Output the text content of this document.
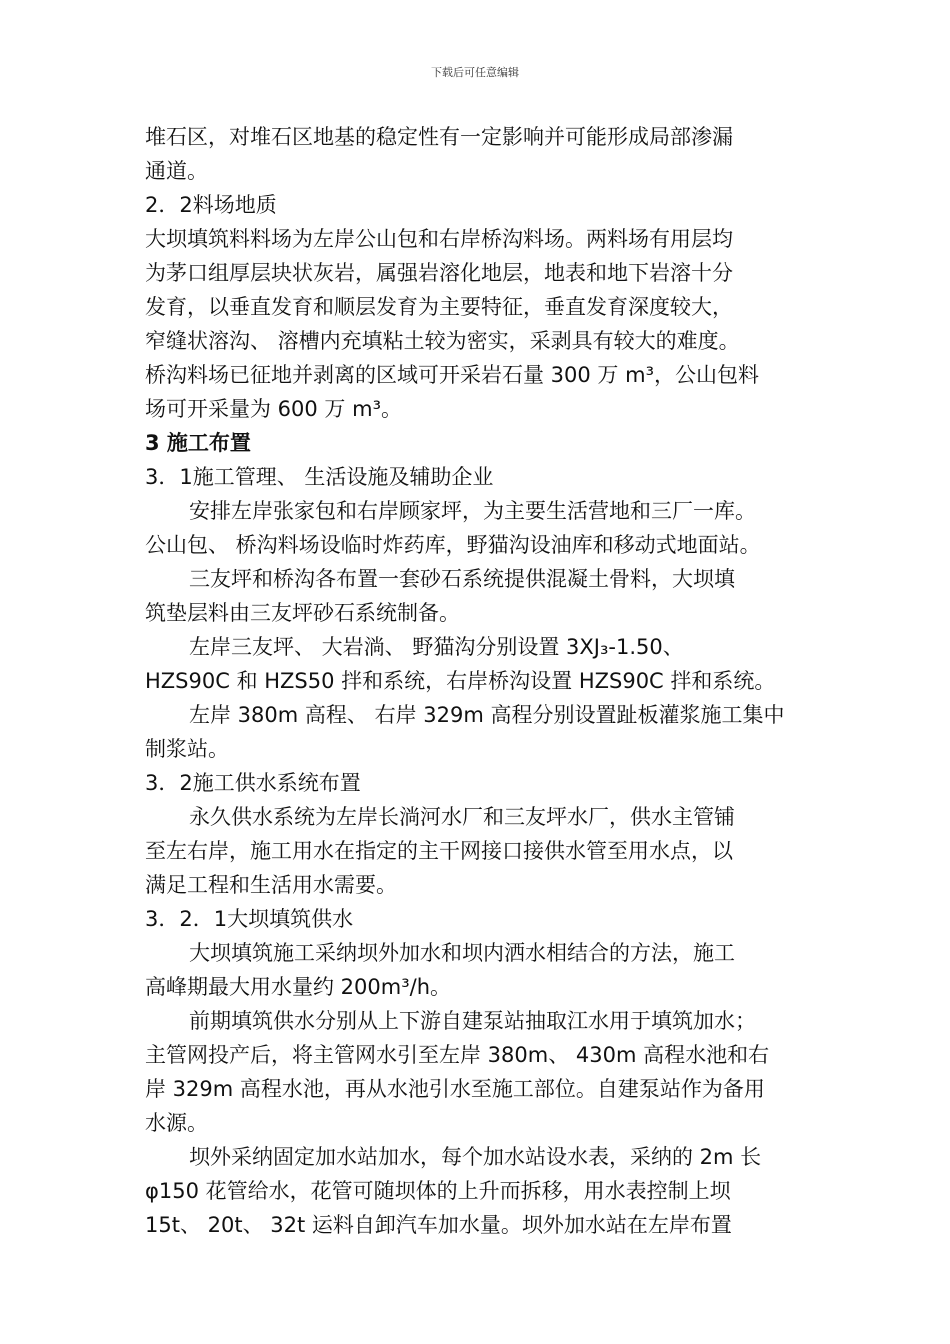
下载后可任意编辑

堆石区，对堆石区地基的稳定性有一定影响并可能形成局部渗漏

通道。

2．2料场地质

大坝填筑料料场为左岸公山包和右岸桥沟料场。两料场有用层均

为茅口组厚层块状灰岩，属强岩溶化地层，地表和地下岩溶十分

发育，以垂直发育和顺层发育为主要特征，垂直发育深度较大，

窄缝状溶沟、 溶槽内充填粘土较为密实，采剥具有较大的难度。

桥沟料场已征地并剥离的区域可开采岩石量 300 万 m³，公山包料

场可开采量为 600 万 m³。

3 施工布置

3．1施工管理、 生活设施及辅助企业

安排左岸张家包和右岸顾家坪，为主要生活营地和三厂一库。

公山包、 桥沟料场设临时炸药库，野猫沟设油库和移动式地面站。

三友坪和桥沟各布置一套砂石系统提供混凝土骨料，大坝填

筑垫层料由三友坪砂石系统制备。

左岸三友坪、 大岩淌、 野猫沟分别设置 3XJ₃-1.50、

HZS90C 和 HZS50 拌和系统，右岸桥沟设置 HZS90C 拌和系统。

左岸 380m 高程、 右岸 329m 高程分别设置趾板灌浆施工集中

制浆站。

3．2施工供水系统布置

永久供水系统为左岸长淌河水厂和三友坪水厂，供水主管铺

至左右岸，施工用水在指定的主干网接口接供水管至用水点，以

满足工程和生活用水需要。

3．2．1大坝填筑供水

大坝填筑施工采纳坝外加水和坝内洒水相结合的方法，施工

高峰期最大用水量约 200m³/h。

前期填筑供水分别从上下游自建泵站抽取江水用于填筑加水；

主管网投产后，将主管网水引至左岸 380m、 430m 高程水池和右

岸 329m 高程水池，再从水池引水至施工部位。自建泵站作为备用

水源。

坝外采纳固定加水站加水，每个加水站设水表，采纳的 2m 长

φ150 花管给水，花管可随坝体的上升而拆移，用水表控制上坝

15t、 20t、 32t 运料自卸汽车加水量。坝外加水站在左岸布置
